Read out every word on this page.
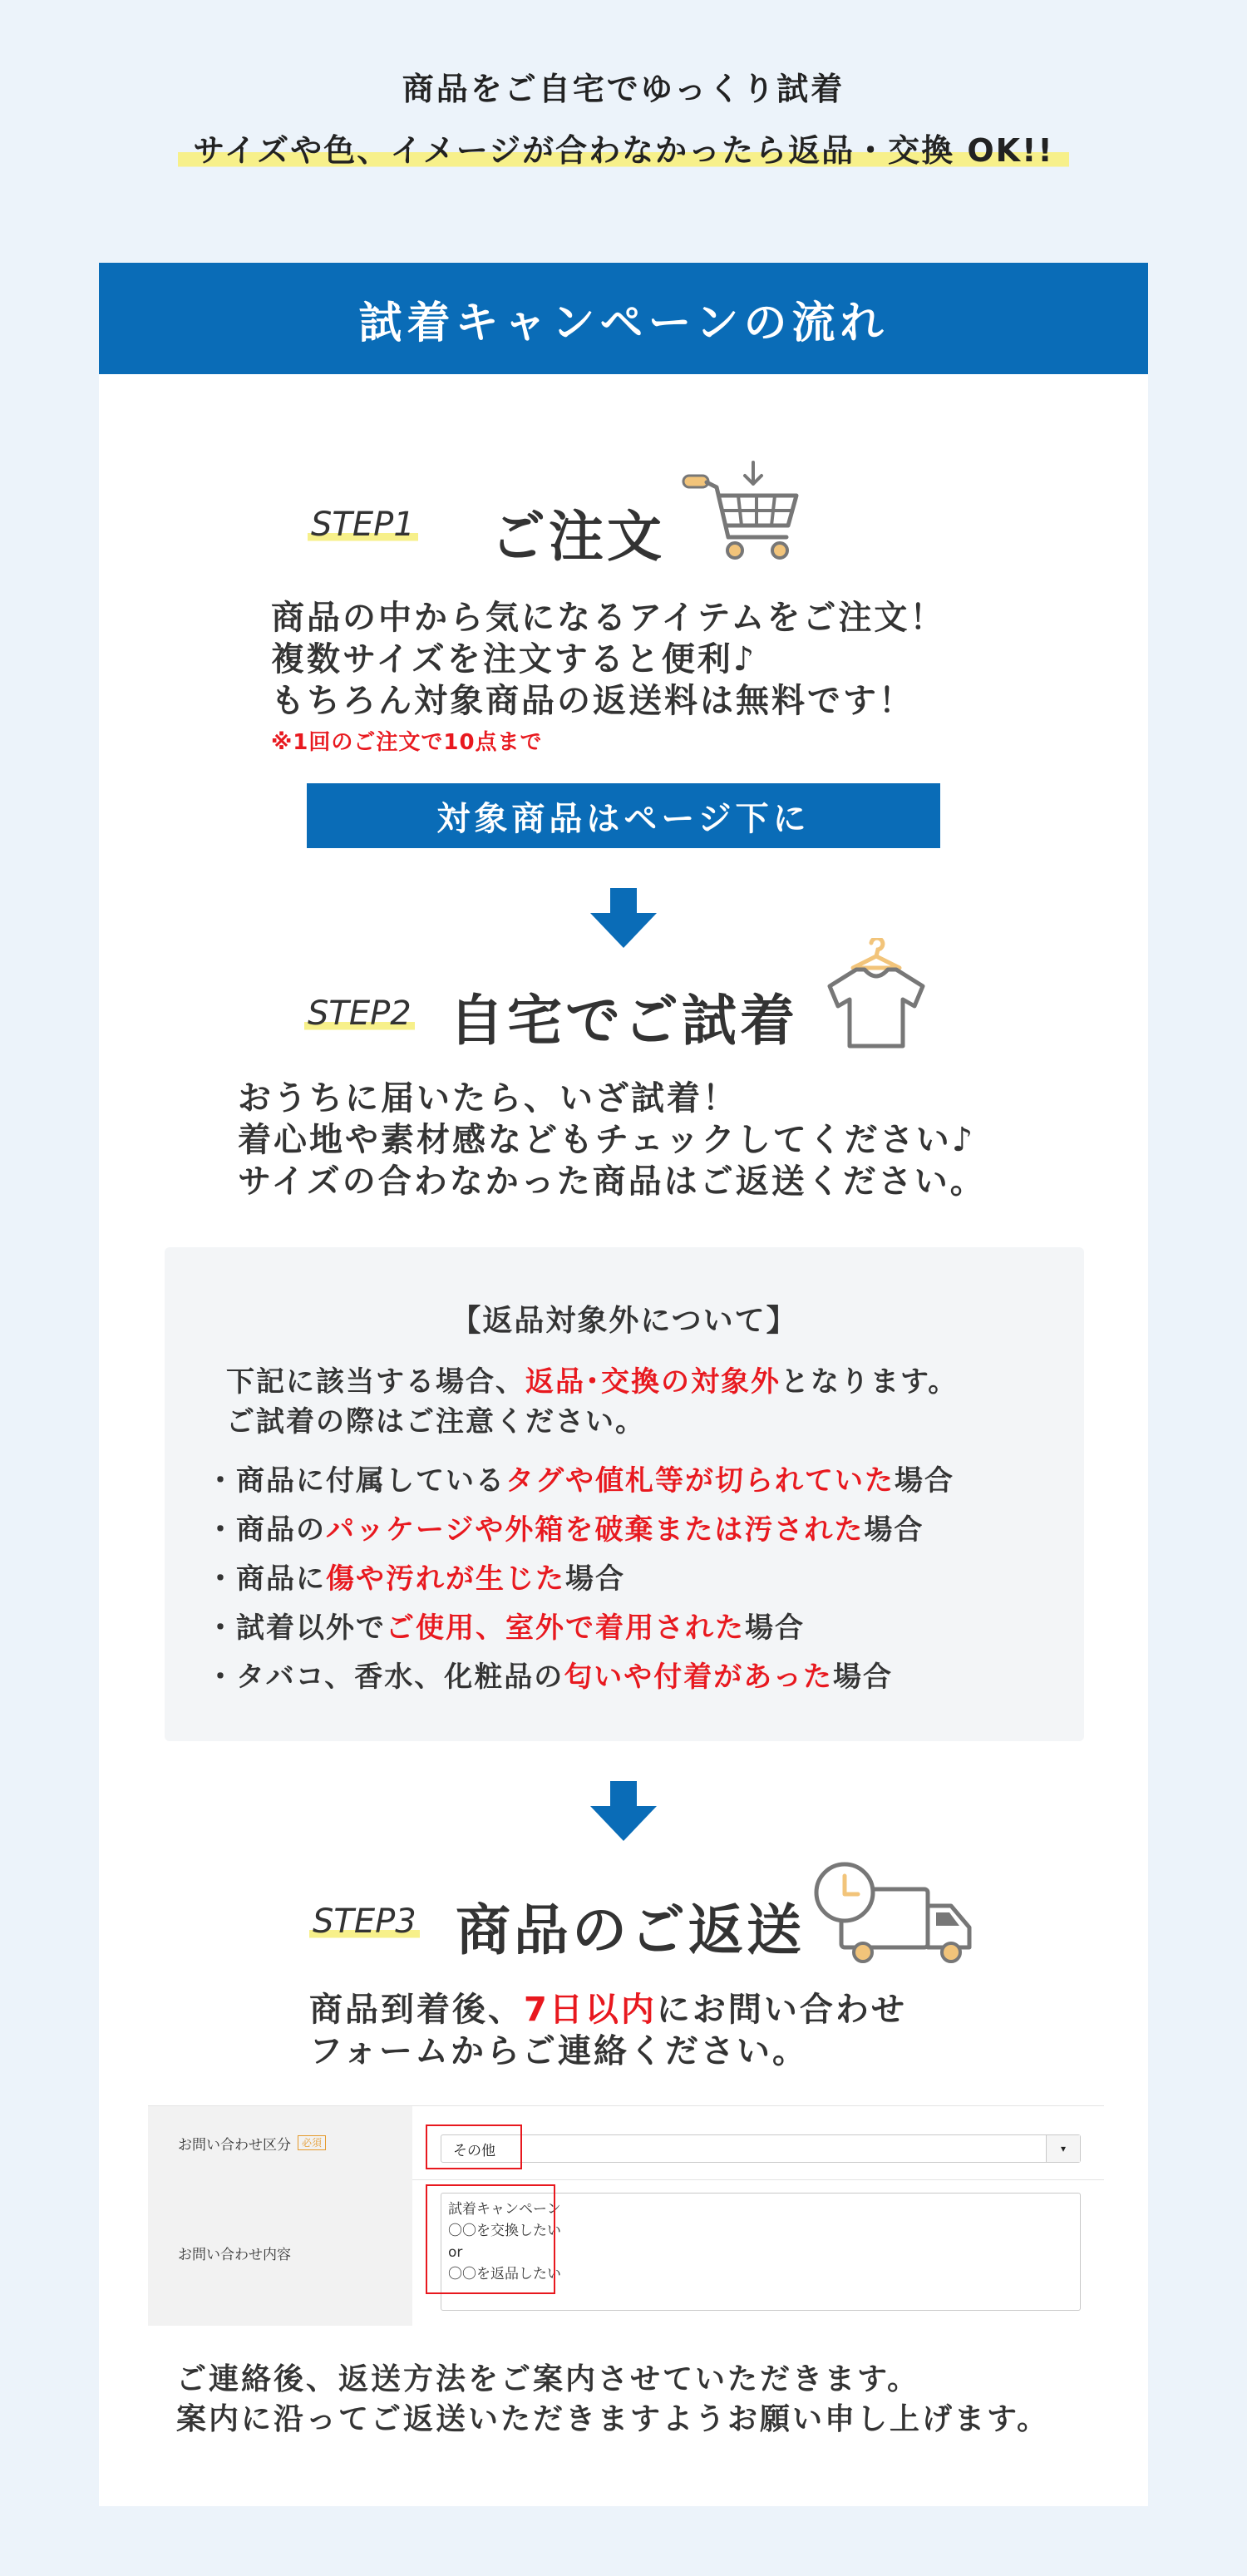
商品をご自宅でゆっくり試着
サイズや色、イメージが合わなかったら返品・交換 OK!!
試着キャンペーンの流れ
STEP1 ご注文
商品の中から気になるアイテムをご注文！
複数サイズを注文すると便利♪
もちろん対象商品の返送料は無料です！
※1回のご注文で10点まで
対象商品はページ下に
STEP2 自宅でご試着
おうちに届いたら、いざ試着！
着心地や素材感などもチェックしてください♪
サイズの合わなかった商品はご返送ください。
【返品対象外について】
下記に該当する場合、返品･交換の対象外となります。
ご試着の際はご注意ください。
・商品に付属しているタグや値札等が切られていた場合
・商品のパッケージや外箱を破棄または汚された場合
・商品に傷や汚れが生じた場合
・試着以外でご使用、室外で着用された場合
・タバコ、香水、化粧品の匂いや付着があった場合
STEP3 商品のご返送
商品到着後、7日以内にお問い合わせ
フォームからご連絡ください。
お問い合わせ区分	必須	その他	▾
お問い合わせ内容
試着キャンペーン
〇〇を交換したい
or
〇〇を返品したい
ご連絡後、返送方法をご案内させていただきます。
案内に沿ってご返送いただきますようお願い申し上げます。
